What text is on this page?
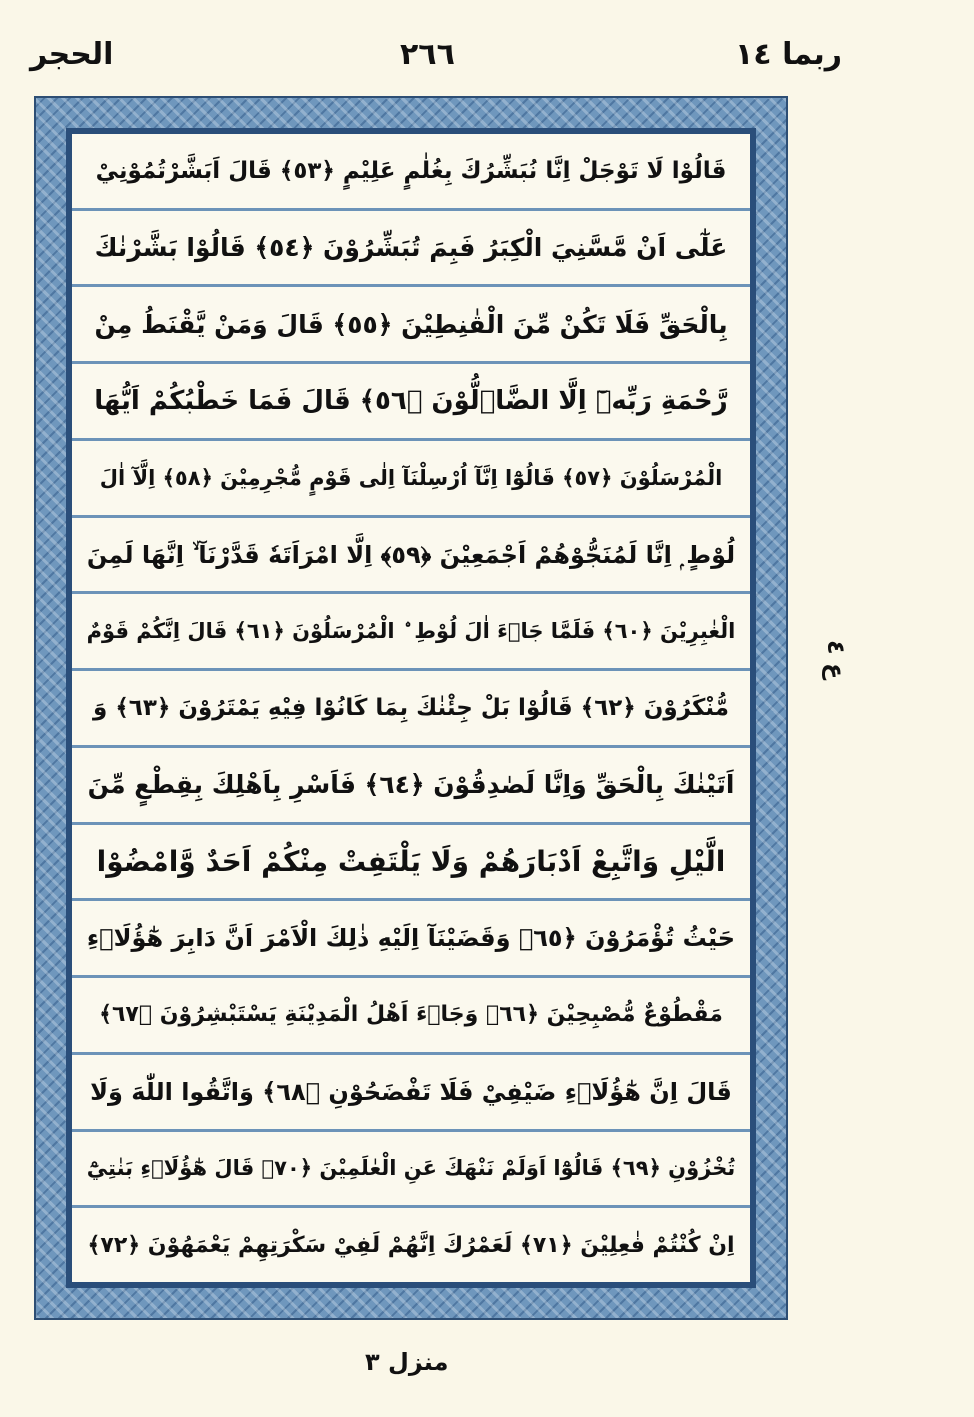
الحجر	٢٦٦	ربما ١٤
قَالُوْا لَا تَوْجَلْ اِنَّا نُبَشِّرُكَ بِغُلٰمٍ عَلِيْمٍ ﴿٥٣﴾ قَالَ اَبَشَّرْتُمُوْنِيْ
عَلٰٓى اَنْ مَّسَّنِيَ الْكِبَرُ فَبِمَ تُبَشِّرُوْنَ ﴿٥٤﴾ قَالُوْا بَشَّرْنٰكَ
بِالْحَقِّ فَلَا تَكُنْ مِّنَ الْقٰنِطِيْنَ ﴿٥٥﴾ قَالَ وَمَنْ يَّقْنَطُ مِنْ
رَّحْمَةِ رَبِّهٖٓ اِلَّا الضَّاۗلُّوْنَ ﴿٥٦﴾ قَالَ فَمَا خَطْبُكُمْ اَيُّهَا
الْمُرْسَلُوْنَ ﴿٥٧﴾ قَالُوْٓا اِنَّآ اُرْسِلْنَآ اِلٰى قَوْمٍ مُّجْرِمِيْنَ ﴿٥٨﴾ اِلَّآ اٰلَ
لُوْطٍ ۭ اِنَّا لَمُنَجُّوْهُمْ اَجْمَعِيْنَ ﴿٥٩﴾ اِلَّا امْرَاَتَهٗ قَدَّرْنَآ ۙ اِنَّهَا لَمِنَ
الْغٰبِرِيْنَ ﴿٦٠﴾ فَلَمَّا جَاۗءَ اٰلَ لُوْطِ ۨ الْمُرْسَلُوْنَ ﴿٦١﴾ قَالَ اِنَّكُمْ قَوْمٌ
مُّنْكَرُوْنَ ﴿٦٢﴾ قَالُوْا بَلْ جِئْنٰكَ بِمَا كَانُوْا فِيْهِ يَمْتَرُوْنَ ﴿٦٣﴾ وَ
اَتَيْنٰكَ بِالْحَقِّ وَاِنَّا لَصٰدِقُوْنَ ﴿٦٤﴾ فَاَسْرِ بِاَهْلِكَ بِقِطْعٍ مِّنَ
الَّيْلِ وَاتَّبِعْ اَدْبَارَهُمْ وَلَا يَلْتَفِتْ مِنْكُمْ اَحَدٌ وَّامْضُوْا
حَيْثُ تُؤْمَرُوْنَ ﴿٦٥﴾ وَقَضَيْنَآ اِلَيْهِ ذٰلِكَ الْاَمْرَ اَنَّ دَابِرَ هٰٓؤُلَاۗءِ
مَقْطُوْعٌ مُّصْبِحِيْنَ ﴿٦٦﴾ وَجَاۗءَ اَهْلُ الْمَدِيْنَةِ يَسْتَبْشِرُوْنَ ﴿٦٧﴾
قَالَ اِنَّ هٰٓؤُلَاۗءِ ضَيْفِيْ فَلَا تَفْضَحُوْنِ ﴿٦٨﴾ وَاتَّقُوا اللّٰهَ وَلَا
تُخْزُوْنِ ﴿٦٩﴾ قَالُوْٓا اَوَلَمْ نَنْهَكَ عَنِ الْعٰلَمِيْنَ ﴿٧٠﴾ قَالَ هٰٓؤُلَاۗءِ بَنٰتِيْٓ
اِنْ كُنْتُمْ فٰعِلِيْنَ ﴿٧١﴾ لَعَمْرُكَ اِنَّهُمْ لَفِيْ سَكْرَتِهِمْ يَعْمَهُوْنَ ﴿٧٢﴾
ع ٤
منزل ٣
